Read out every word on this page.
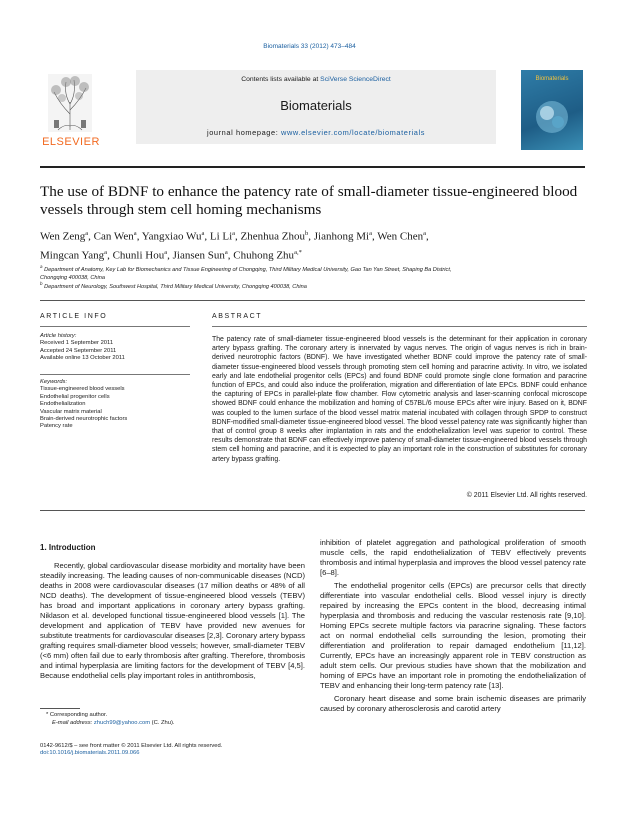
Biomaterials 33 (2012) 473–484
ELSEVIER
Contents lists available at SciVerse ScienceDirect
Biomaterials
journal homepage: www.elsevier.com/locate/biomaterials
Biomaterials
The use of BDNF to enhance the patency rate of small-diameter tissue-engineered blood vessels through stem cell homing mechanisms
Wen Zeng$^a$, Can Wen$^a$, Yangxiao Wu$^a$, Li Li$^a$, Zhenhua Zhou$^b$, Jianhong Mi$^a$, Wen Chen$^a$,
Mingcan Yang$^a$, Chunli Hou$^a$, Jiansen Sun$^a$, Chuhong Zhu$^{a,*}$
$^a$ Department of Anatomy, Key Lab for Biomechanics and Tissue Engineering of Chongqing, Third Military Medical University, Gao Tan Yan Street, Shaping Ba District,
Chongqing 400038, China
$^b$ Department of Neurology, Southwest Hospital, Third Military Medical University, Chongqing 400038, China
ARTICLE INFO	ABSTRACT
Article history:
Received 1 September 2011
Accepted 24 September 2011
Available online 13 October 2011
Keywords:
Tissue-engineered blood vessels
Endothelial progenitor cells
Endothelialization
Vascular matrix material
Brain-derived neurotrophic factors
Patency rate
The patency rate of small-diameter tissue-engineered blood vessels is the determinant for their application in coronary artery bypass grafting. The coronary artery is innervated by vagus nerves. The origin of vagus nerves is rich in brain-derived neurotrophic factors (BDNF). We have investigated whether BDNF could improve the patency rate of small-diameter tissue-engineered blood vessels through promoting stem cell homing and paracrine activity. In vitro, we isolated early and late endothelial progenitor cells (EPCs) and found BDNF could promote single clone formation and paracrine function of EPCs, and could also induce the proliferation, migration and differentiation of late EPCs. BDNF could enhance the capturing of EPCs in parallel-plate flow chamber. Flow cytometric analysis and laser-scanning confocal microscope showed BDNF could enhance the mobilization and homing of C57BL/6 mouse EPCs after wire injury. Based on it, BDNF was coupled to the lumen surface of the blood vessel matrix material incubated with collagen through SPDP to construct BDNF-modified small-diameter tissue-engineered blood vessel. The blood vessel patency rate was significantly higher than that of control group 8 weeks after implantation in rats and the endothelialization level was superior to control. These results demonstrate that BDNF can effectively improve patency of small-diameter tissue-engineered blood vessels through stem cell homing and paracrine, and it is expected to play an important role in the construction of substitutes for coronary artery bypass grafting.
© 2011 Elsevier Ltd. All rights reserved.
1. Introduction

Recently, global cardiovascular disease morbidity and mortality have been steadily increasing. The leading causes of non-communicable diseases (NCD) deaths in 2008 were cardiovascular diseases (17 million deaths or 48% of all NCD deaths). The development of tissue-engineered blood vessels (TEBV) has broad and important applications in coronary artery bypass grafting. Niklason et al. developed functional tissue-engineered blood vessels [1]. The development and application of TEBV have provided new avenues for substitute treatments for cardiovascular diseases [2,3]. Coronary artery bypass grafting requires small-diameter blood vessels; however, small-diameter TEBV (<6 mm) often fail due to early thrombosis after grafting. Therefore, thrombosis and intimal hyperplasia are limiting factors for the development of TEBV [4,5]. Because endothelial cells play important roles in antithrombosis,

inhibition of platelet aggregation and pathological proliferation of smooth muscle cells, the rapid endothelialization of TEBV effectively prevents thrombosis and intimal hyperplasia and improves the blood vessel patency rate [6–8].

The endothelial progenitor cells (EPCs) are precursor cells that directly differentiate into vascular endothelial cells. Blood vessel injury is directly repaired by increasing the EPCs content in the blood, decreasing intimal hyperplasia and thrombosis and reducing the vascular restenosis rate [9,10]. Homing EPCs secrete multiple factors via paracrine signaling. These factors act on normal endothelial cells surrounding the lesion, promoting their differentiation and proliferation to repair damaged endothelium [11,12]. Currently, EPCs have an increasingly apparent role in TEBV construction as adult stem cells. Our previous studies have shown that the mobilization and homing of EPCs have an important role in promoting the endothelialization of TEBV and enhancing their long-term patency rate [13].

Coronary heart disease and some brain ischemic diseases are primarily caused by coronary atherosclerosis and carotid artery

* Corresponding author.
E-mail address: zhuch99@yahoo.com (C. Zhu).
0142-9612/$ – see front matter © 2011 Elsevier Ltd. All rights reserved.
doi:10.1016/j.biomaterials.2011.09.066
